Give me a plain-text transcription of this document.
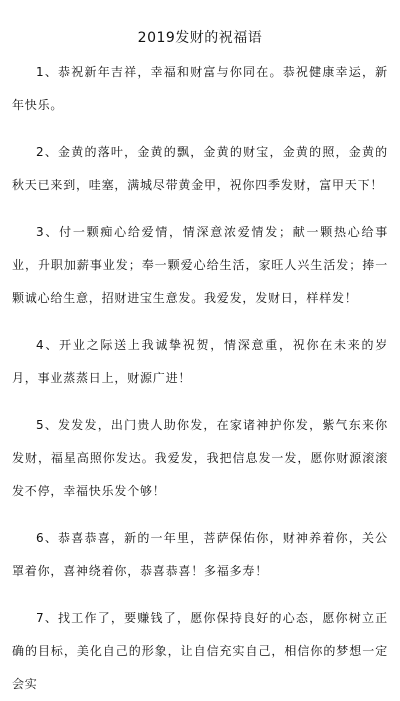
2019发财的祝福语
1、恭祝新年吉祥，幸福和财富与你同在。恭祝健康幸运，新年快乐。
2、金黄的落叶，金黄的飘，金黄的财宝，金黄的照，金黄的秋天已来到，哇塞，满城尽带黄金甲，祝你四季发财，富甲天下！
3、付一颗痴心给爱情，情深意浓爱情发；献一颗热心给事业，升职加薪事业发；奉一颗爱心给生活，家旺人兴生活发；捧一颗诚心给生意，招财进宝生意发。我爱发，发财日，样样发！
4、开业之际送上我诚挚祝贺，情深意重，祝你在未来的岁月，事业蒸蒸日上，财源广进！
5、发发发，出门贵人助你发，在家诸神护你发，紫气东来你发财，福星高照你发达。我爱发，我把信息发一发，愿你财源滚滚发不停，幸福快乐发个够！
6、恭喜恭喜，新的一年里，菩萨保佑你，财神养着你，关公罩着你，喜神绕着你，恭喜恭喜！多福多寿！
7、找工作了，要赚钱了，愿你保持良好的心态，愿你树立正确的目标，美化自己的形象，让自信充实自己，相信你的梦想一定会实
